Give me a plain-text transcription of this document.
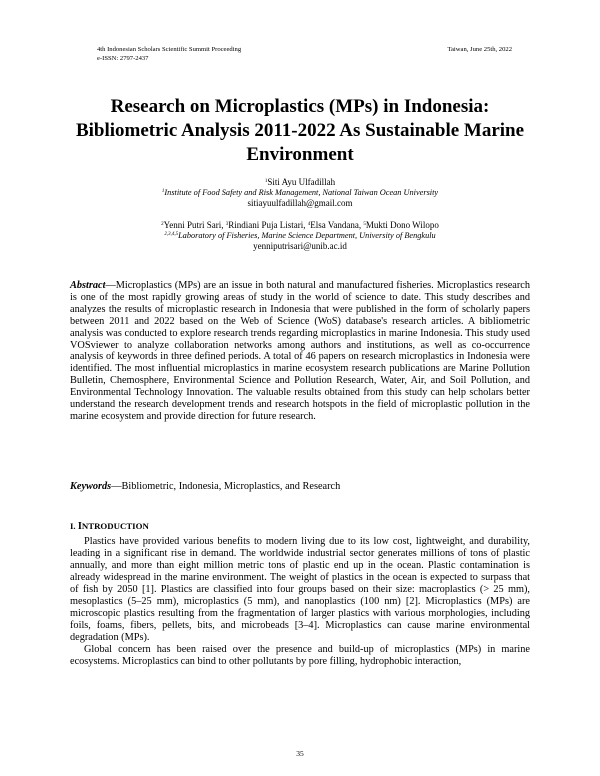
4th Indonesian Scholars Scientific Summit Proceeding
e-ISSN: 2797-2437
Taiwan, June 25th, 2022
Research on Microplastics (MPs) in Indonesia: Bibliometric Analysis 2011-2022 As Sustainable Marine Environment
$^1$Siti Ayu Ulfadillah
$^1$Institute of Food Safety and Risk Management, National Taiwan Ocean University
sitiayuulfadillah@gmail.com
$^2$Yenni Putri Sari, $^3$Rindiani Puja Listari, $^4$Elsa Vandana, $^5$Mukti Dono Wilopo
$^{2,3,4,5}$Laboratory of Fisheries, Marine Science Department, University of Bengkulu
yenniputrisari@unib.ac.id
Abstract—Microplastics (MPs) are an issue in both natural and manufactured fisheries. Microplastics research is one of the most rapidly growing areas of study in the world of science to date. This study describes and analyzes the results of microplastic research in Indonesia that were published in the form of scholarly papers between 2011 and 2022 based on the Web of Science (WoS) database's research articles. A bibliometric analysis was conducted to explore research trends regarding microplastics in marine Indonesia. This study used VOSviewer to analyze collaboration networks among authors and institutions, as well as co-occurrence analysis of keywords in three defined periods. A total of 46 papers on research microplastics in Indonesia were identified. The most influential microplastics in marine ecosystem research publications are Marine Pollution Bulletin, Chemosphere, Environmental Science and Pollution Research, Water, Air, and Soil Pollution, and Environmental Technology Innovation. The valuable results obtained from this study can help scholars better understand the research development trends and research hotspots in the field of microplastic pollution in the marine ecosystem and provide direction for future research.
Keywords—Bibliometric, Indonesia, Microplastics, and Research
I. INTRODUCTION

Plastics have provided various benefits to modern living due to its low cost, lightweight, and durability, leading in a significant rise in demand. The worldwide industrial sector generates millions of tons of plastic annually, and more than eight million metric tons of plastic end up in the ocean. Plastic contamination is already widespread in the marine environment. The weight of plastics in the ocean is expected to surpass that of fish by 2050 [1]. Plastics are classified into four groups based on their size: macroplastics (> 25 mm), mesoplastics (5–25 mm), microplastics (5 mm), and nanoplastics (100 nm) [2]. Microplastics (MPs) are microscopic plastics resulting from the fragmentation of larger plastics with various morphologies, including foils, foams, fibers, pellets, bits, and microbeads [3–4]. Microplastics can cause marine environmental degradation (MPs).

Global concern has been raised over the presence and build-up of microplastics (MPs) in marine ecosystems. Microplastics can bind to other pollutants by pore filling, hydrophobic interaction,

35
